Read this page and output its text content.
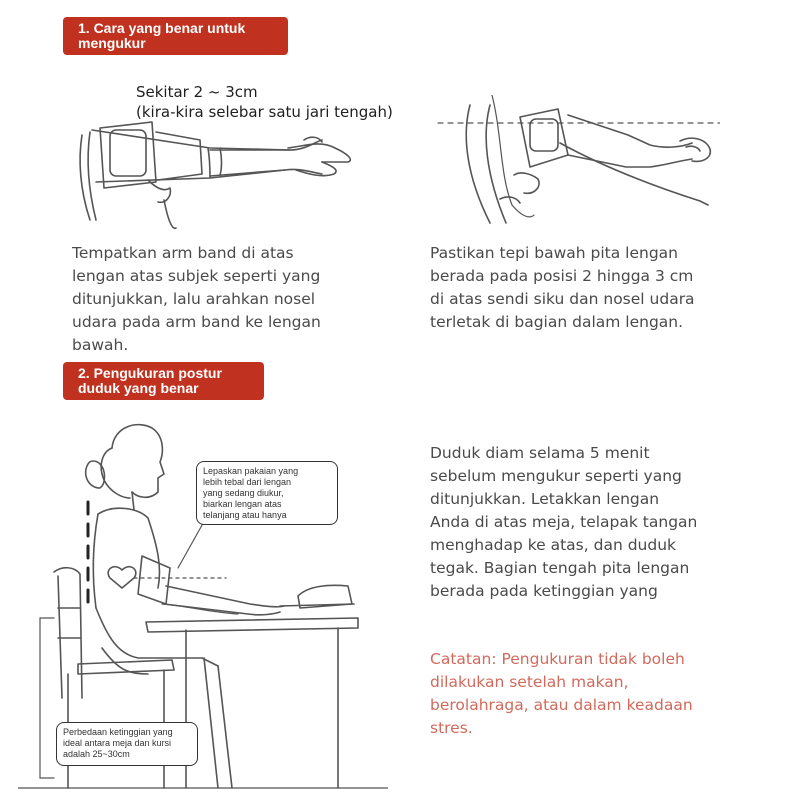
1. Cara yang benar untuk
mengukur
Sekitar 2 ~ 3cm
(kira-kira selebar satu jari tengah)
Tempatkan arm band di atas
lengan atas subjek seperti yang
ditunjukkan, lalu arahkan nosel
udara pada arm band ke lengan
bawah.
Pastikan tepi bawah pita lengan
berada pada posisi 2 hingga 3 cm
di atas sendi siku dan nosel udara
terletak di bagian dalam lengan.
2. Pengukuran postur
duduk yang benar
Lepaskan pakaian yang
lebih tebal dari lengan
yang sedang diukur,
biarkan lengan atas
telanjang atau hanya
Perbedaan ketinggian yang
ideal antara meja dan kursi
adalah 25~30cm
Duduk diam selama 5 menit
sebelum mengukur seperti yang
ditunjukkan. Letakkan lengan
Anda di atas meja, telapak tangan
menghadap ke atas, dan duduk
tegak. Bagian tengah pita lengan
berada pada ketinggian yang
Catatan: Pengukuran tidak boleh
dilakukan setelah makan,
berolahraga, atau dalam keadaan
stres.
